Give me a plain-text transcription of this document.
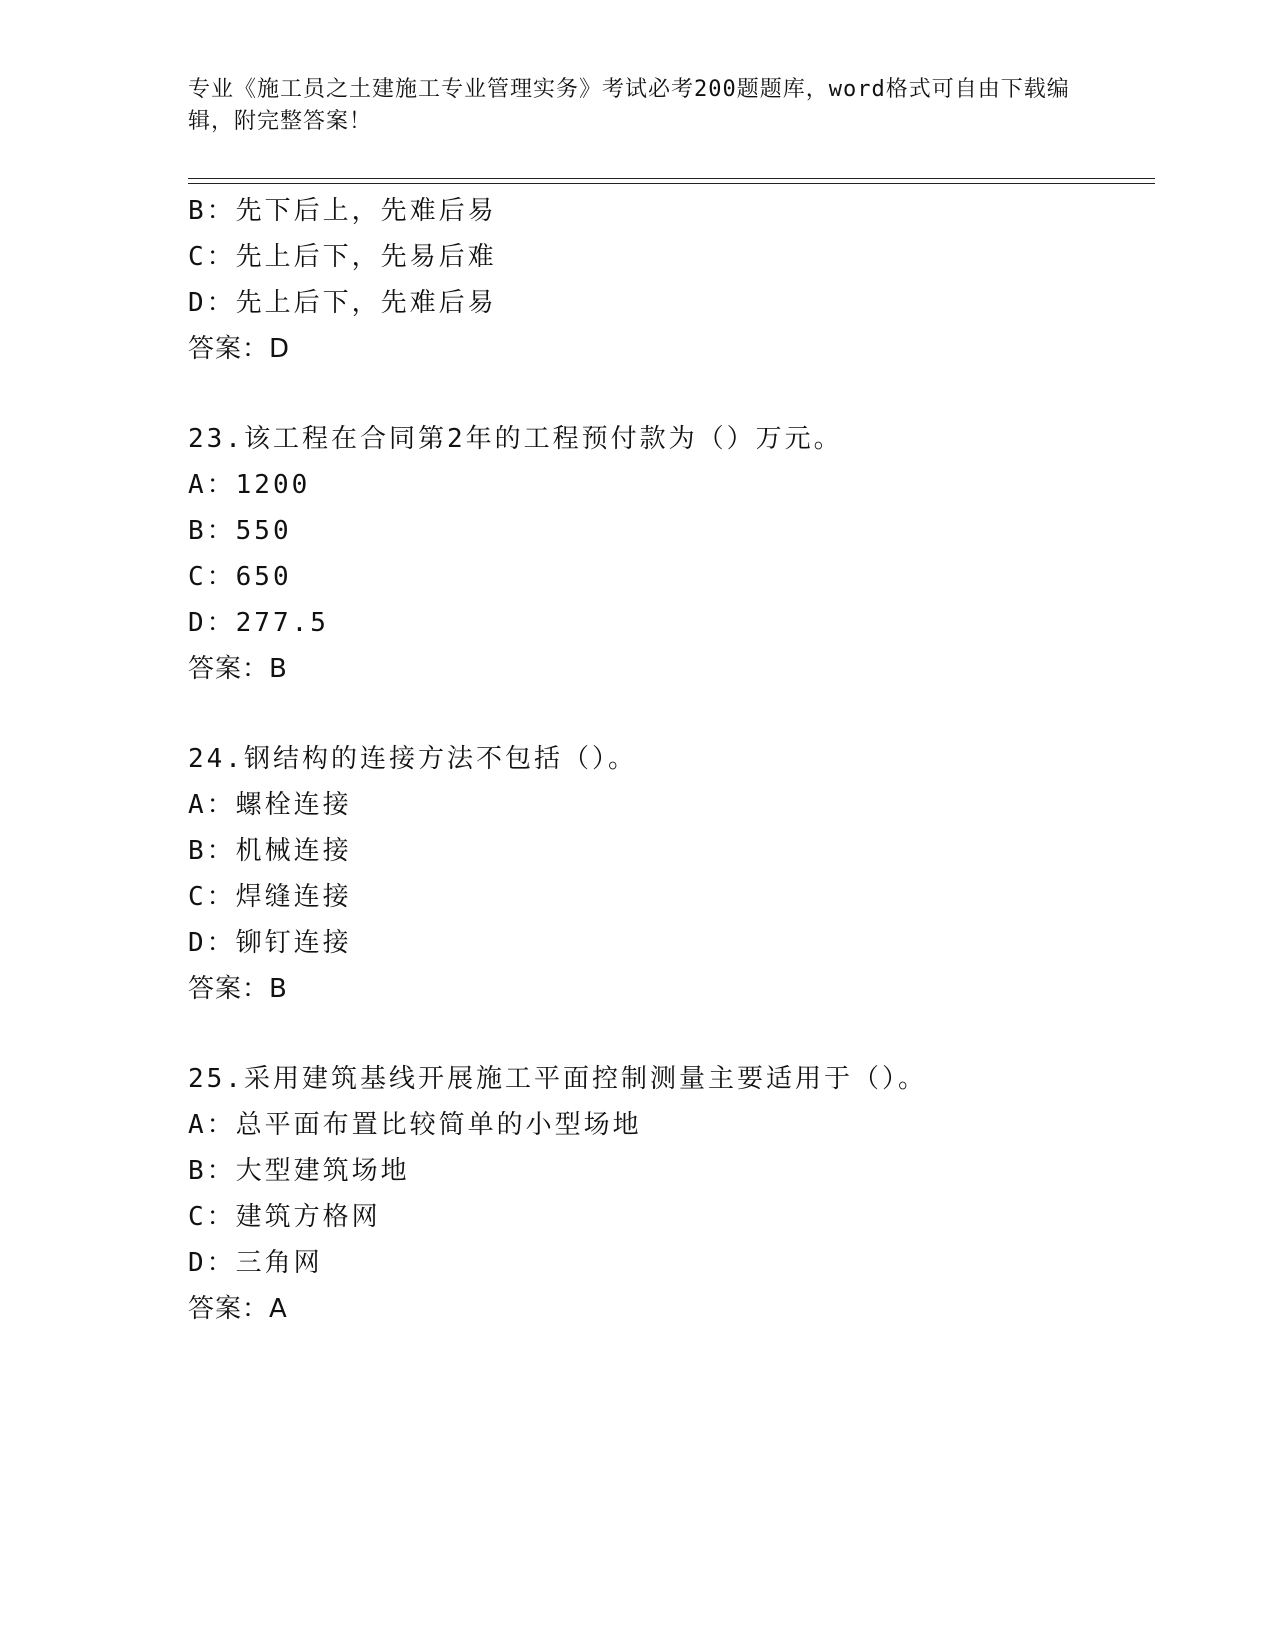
专业《施工员之土建施工专业管理实务》考试必考200题题库，word格式可自由下载编辑，附完整答案！
B：先下后上，先难后易
C：先上后下，先易后难
D：先上后下，先难后易
答案：D
23.该工程在合同第2年的工程预付款为（）万元。
A：1200
B：550
C：650
D：277.5
答案：B
24.钢结构的连接方法不包括（）。
A：螺栓连接
B：机械连接
C：焊缝连接
D：铆钉连接
答案：B
25.采用建筑基线开展施工平面控制测量主要适用于（）。
A：总平面布置比较简单的小型场地
B：大型建筑场地
C：建筑方格网
D：三角网
答案：A
